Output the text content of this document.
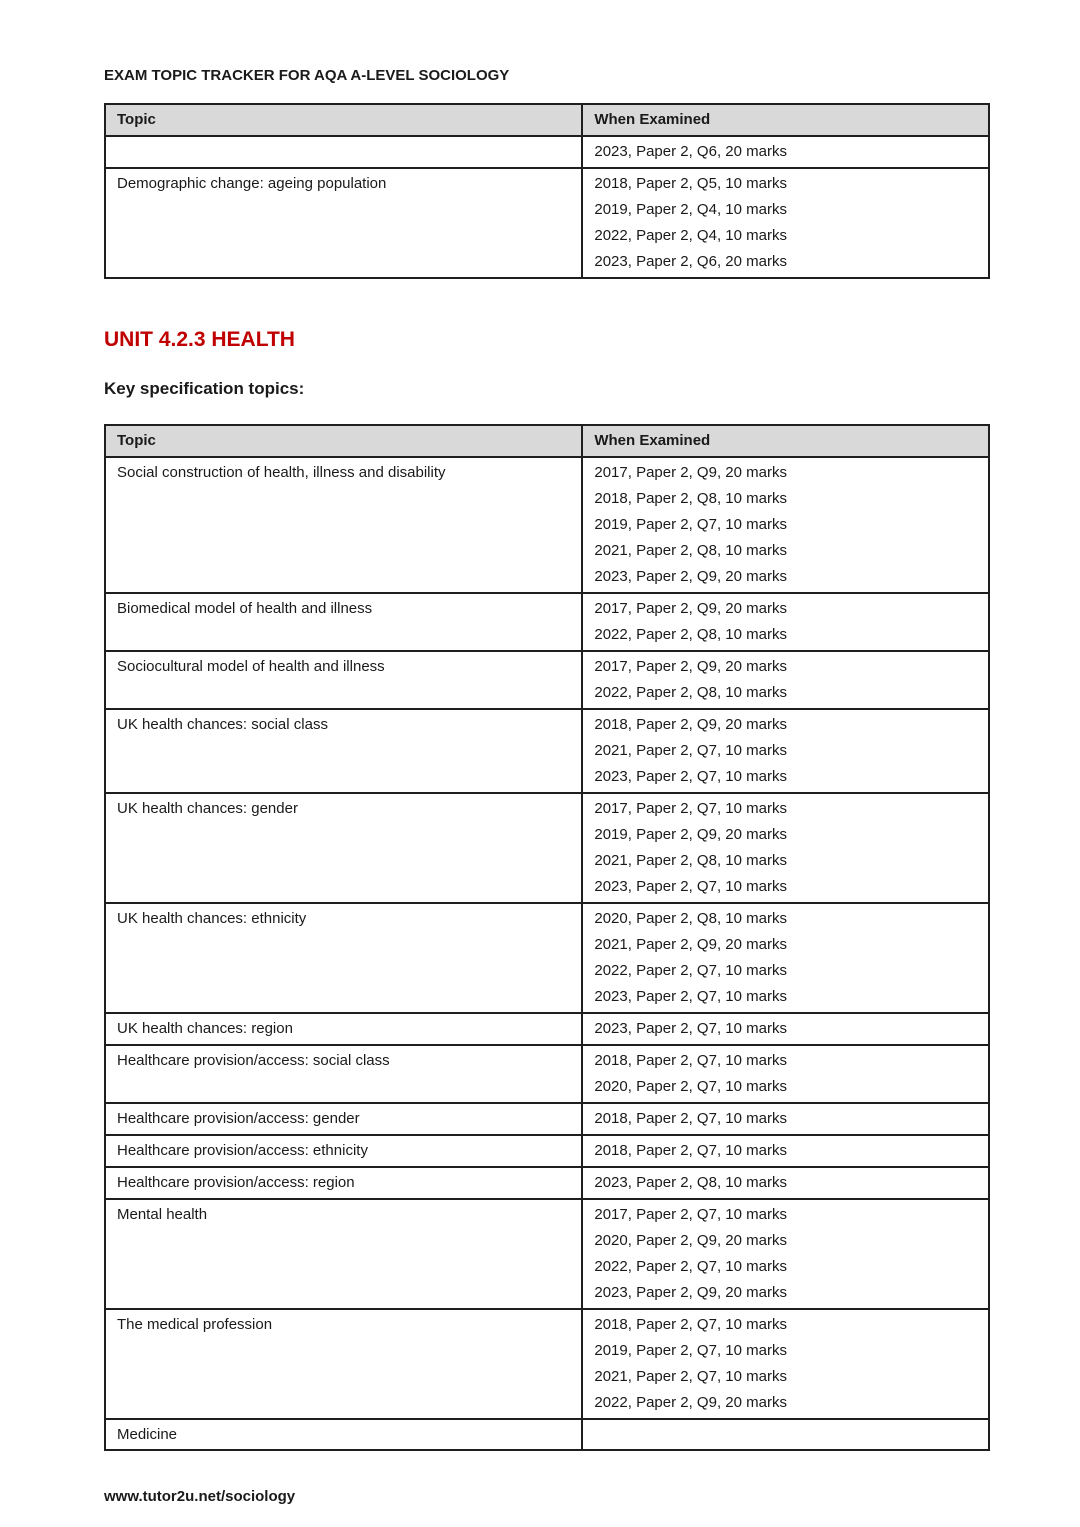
EXAM TOPIC TRACKER FOR AQA A-LEVEL SOCIOLOGY
Topic	When Examined

	2023, Paper 2, Q6, 20 marks

Demographic change: ageing population	2018, Paper 2, Q5, 10 marks
2019, Paper 2, Q4, 10 marks
2022, Paper 2, Q4, 10 marks
2023, Paper 2, Q6, 20 marks
UNIT 4.2.3 HEALTH
Key specification topics:
Topic	When Examined
Social construction of health, illness and disability	2017, Paper 2, Q9, 20 marks
2018, Paper 2, Q8, 10 marks
2019, Paper 2, Q7, 10 marks
2021, Paper 2, Q8, 10 marks
2023, Paper 2, Q9, 20 marks

Biomedical model of health and illness	2017, Paper 2, Q9, 20 marks
2022, Paper 2, Q8, 10 marks

Sociocultural model of health and illness	2017, Paper 2, Q9, 20 marks
2022, Paper 2, Q8, 10 marks

UK health chances: social class	2018, Paper 2, Q9, 20 marks
2021, Paper 2, Q7, 10 marks
2023, Paper 2, Q7, 10 marks

UK health chances: gender	2017, Paper 2, Q7, 10 marks
2019, Paper 2, Q9, 20 marks
2021, Paper 2, Q8, 10 marks
2023, Paper 2, Q7, 10 marks

UK health chances: ethnicity	2020, Paper 2, Q8, 10 marks
2021, Paper 2, Q9, 20 marks
2022, Paper 2, Q7, 10 marks
2023, Paper 2, Q7, 10 marks

UK health chances: region	2023, Paper 2, Q7, 10 marks

Healthcare provision/access: social class	2018, Paper 2, Q7, 10 marks
2020, Paper 2, Q7, 10 marks

Healthcare provision/access: gender	2018, Paper 2, Q7, 10 marks

Healthcare provision/access: ethnicity	2018, Paper 2, Q7, 10 marks

Healthcare provision/access: region	2023, Paper 2, Q8, 10 marks

Mental health	2017, Paper 2, Q7, 10 marks
2020, Paper 2, Q9, 20 marks
2022, Paper 2, Q7, 10 marks
2023, Paper 2, Q9, 20 marks

The medical profession	2018, Paper 2, Q7, 10 marks
2019, Paper 2, Q7, 10 marks
2021, Paper 2, Q7, 10 marks
2022, Paper 2, Q9, 20 marks

Medicine	
www.tutor2u.net/sociology
